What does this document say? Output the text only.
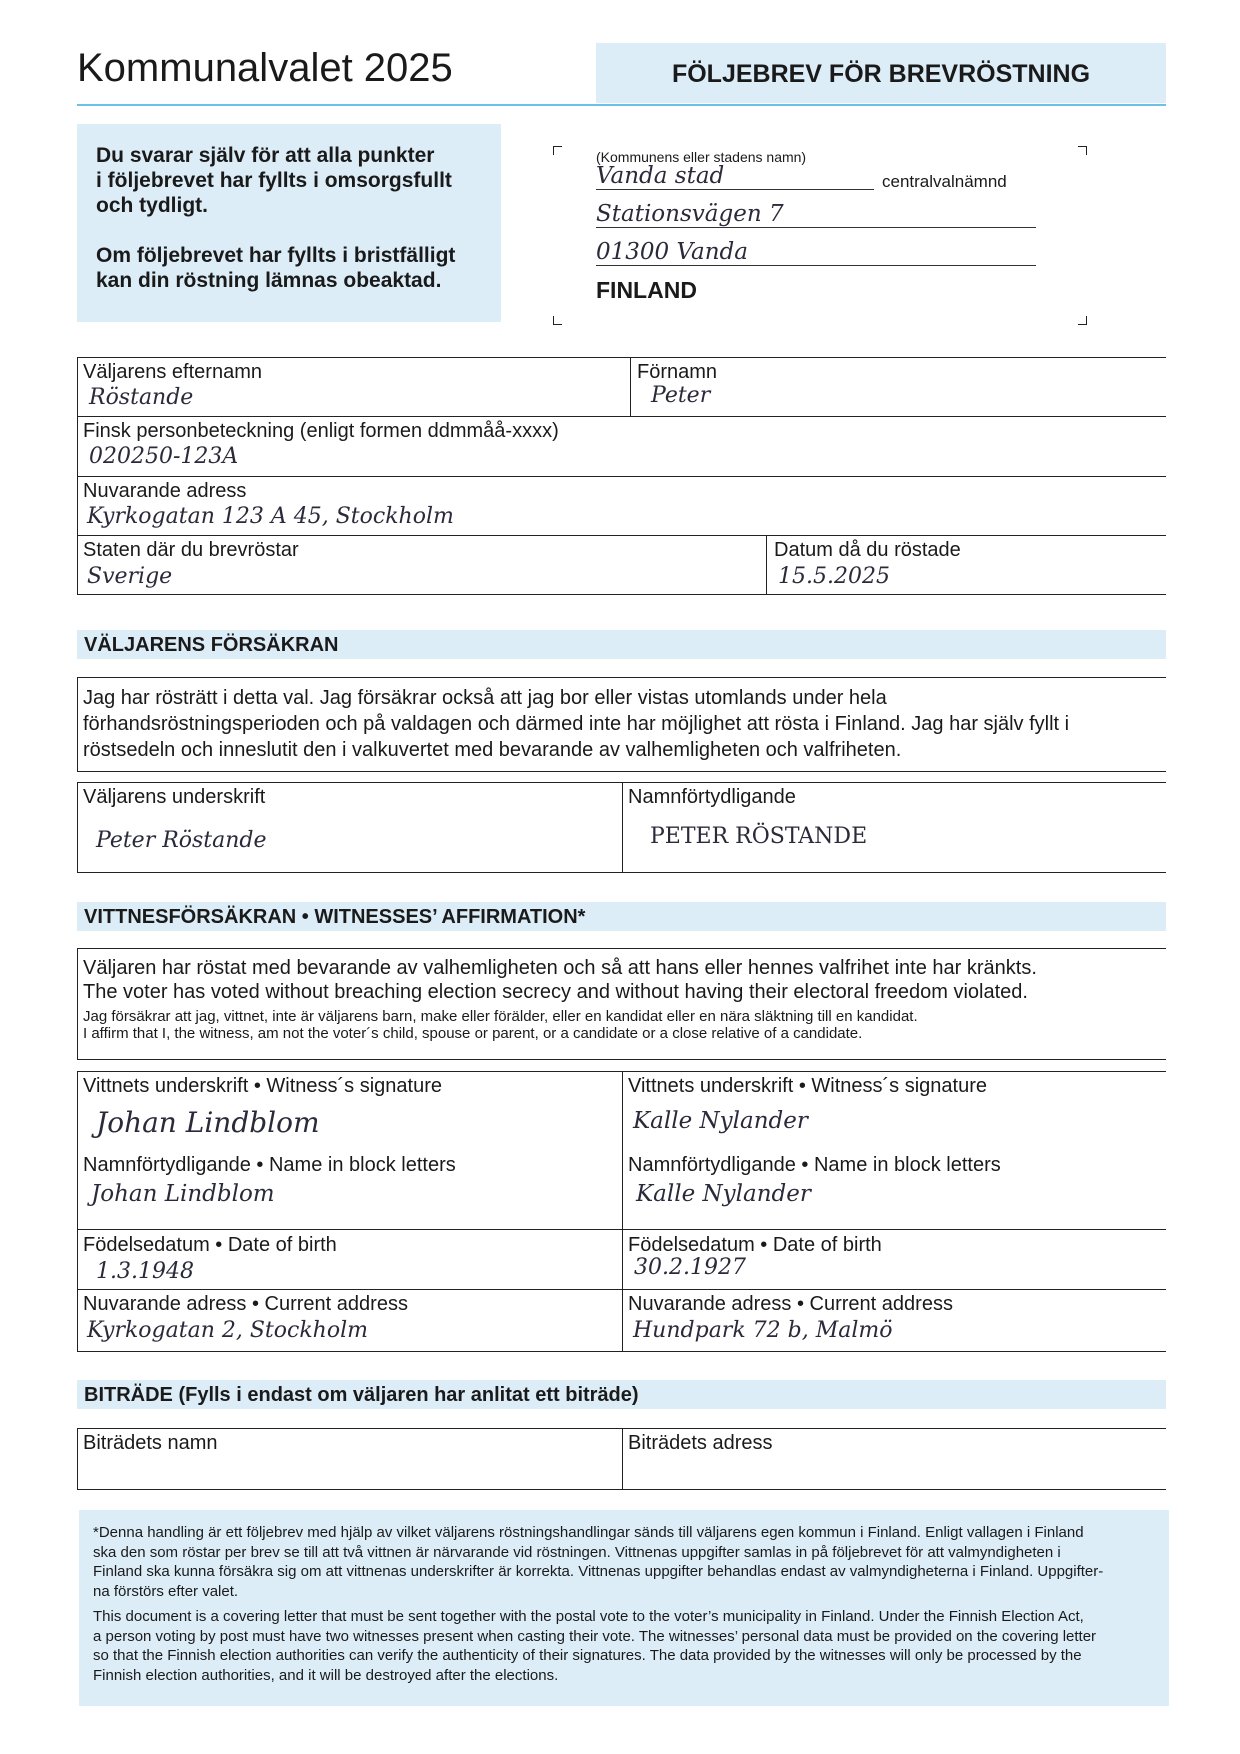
Kommunalvalet 2025	FÖLJEBREV FÖR BREVRÖSTNING
Du svarar själv för att alla punkter
i följebrevet har fyllts i omsorgsfullt
och tydligt.
Om följebrevet har fyllts i bristfälligt
kan din röstning lämnas obeaktad.
(Kommunens eller stadens namn)
Vanda stad	centralvalnämnd
Stationsvägen 7
01300 Vanda
FINLAND
Väljarens efternamn
Röstande
Förnamn
Peter
Finsk personbeteckning (enligt formen ddmmåå-xxxx)
020250-123A
Nuvarande adress
Kyrkogatan 123 A 45, Stockholm
Staten där du brevröstar
Sverige
Datum då du röstade
15.5.2025
VÄLJARENS FÖRSÄKRAN
Jag har rösträtt i detta val. Jag försäkrar också att jag bor eller vistas utomlands under hela
förhandsröstningsperioden och på valdagen och därmed inte har möjlighet att rösta i Finland. Jag har själv fyllt i
röstsedeln och inneslutit den i valkuvertet med bevarande av valhemligheten och valfriheten.
Väljarens underskrift
Peter Röstande
Namnförtydligande
PETER RÖSTANDE
VITTNESFÖRSÄKRAN • WITNESSES’ AFFIRMATION*
Väljaren har röstat med bevarande av valhemligheten och så att hans eller hennes valfrihet inte har kränkts.
The voter has voted without breaching election secrecy and without having their electoral freedom violated.
Jag försäkrar att jag, vittnet, inte är väljarens barn, make eller förälder, eller en kandidat eller en nära släktning till en kandidat.
I affirm that I, the witness, am not the voter´s child, spouse or parent, or a candidate or a close relative of a candidate.
Vittnets underskrift • Witness´s signature
Johan Lindblom
Namnförtydligande • Name in block letters
Johan Lindblom
Födelsedatum • Date of birth
1.3.1948
Nuvarande adress • Current address
Kyrkogatan 2, Stockholm
Vittnets underskrift • Witness´s signature
Kalle Nylander
Namnförtydligande • Name in block letters
Kalle Nylander
Födelsedatum • Date of birth
30.2.1927
Nuvarande adress • Current address
Hundpark 72 b, Malmö
BITRÄDE (Fylls i endast om väljaren har anlitat ett biträde)
Biträdets namn	Biträdets adress
*Denna handling är ett följebrev med hjälp av vilket väljarens röstningshandlingar sänds till väljarens egen kommun i Finland. Enligt vallagen i Finland
ska den som röstar per brev se till att två vittnen är närvarande vid röstningen. Vittnenas uppgifter samlas in på följebrevet för att valmyndigheten i
Finland ska kunna försäkra sig om att vittnenas underskrifter är korrekta. Vittnenas uppgifter behandlas endast av valmyndigheterna i Finland. Uppgifter-
na förstörs efter valet.
This document is a covering letter that must be sent together with the postal vote to the voter’s municipality in Finland. Under the Finnish Election Act,
a person voting by post must have two witnesses present when casting their vote. The witnesses’ personal data must be provided on the covering letter
so that the Finnish election authorities can verify the authenticity of their signatures. The data provided by the witnesses will only be processed by the
Finnish election authorities, and it will be destroyed after the elections.
